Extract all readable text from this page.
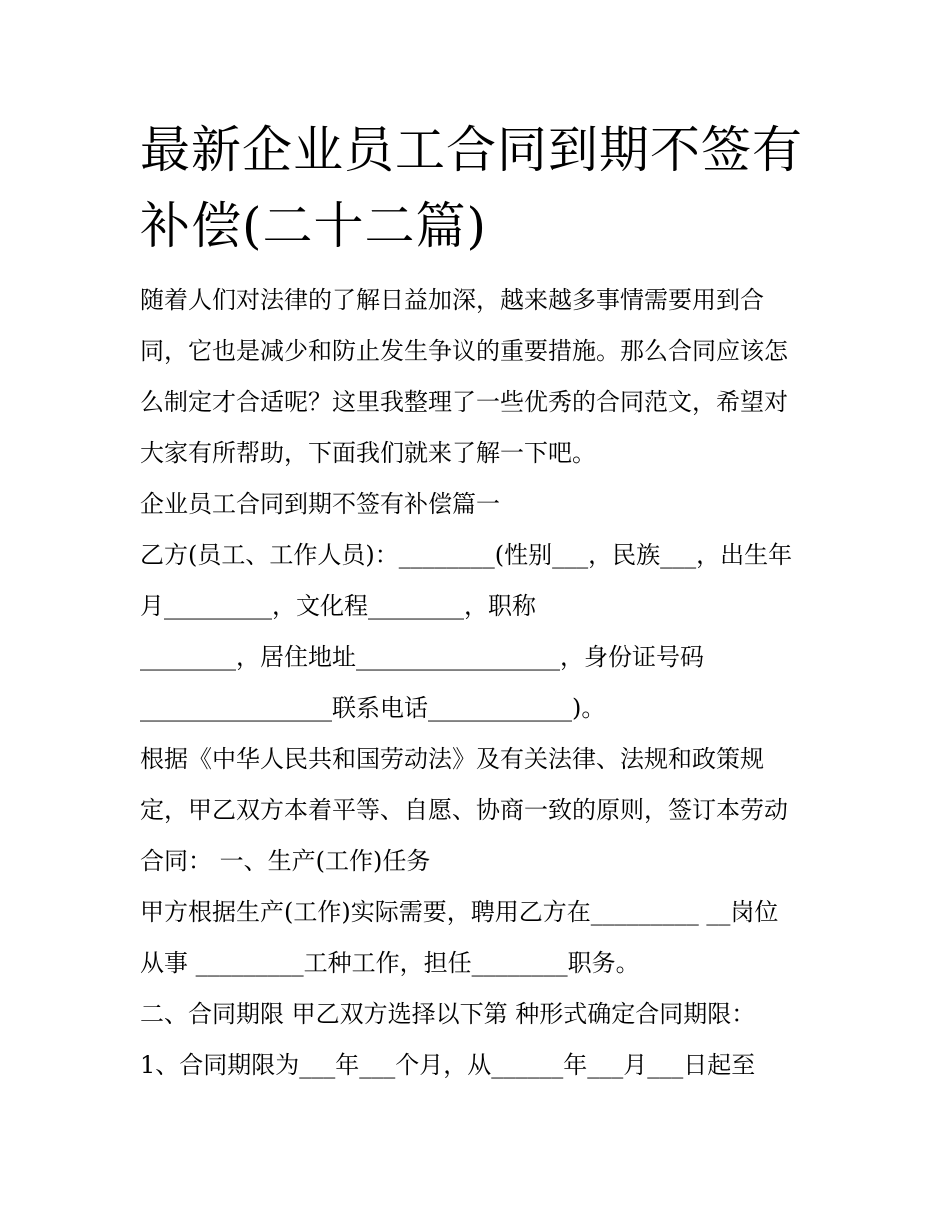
最新企业员工合同到期不签有
补偿(二十二篇)

随着人们对法律的了解日益加深，越来越多事情需要用到合

同，它也是减少和防止发生争议的重要措施。那么合同应该怎

么制定才合适呢？这里我整理了一些优秀的合同范文，希望对

大家有所帮助，下面我们就来了解一下吧。

企业员工合同到期不签有补偿篇一

乙方(员工、工作人员)：________(性别___，民族___，出生年

月_________，文化程________，职称

________，居住地址_________________，身份证号码

________________联系电话____________)。

根据《中华人民共和国劳动法》及有关法律、法规和政策规

定，甲乙双方本着平等、自愿、协商一致的原则，签订本劳动

合同： 一、生产(工作)任务

甲方根据生产(工作)实际需要，聘用乙方在_________ __岗位

从事 _________工种工作，担任________职务。

二、合同期限 甲乙双方选择以下第 种形式确定合同期限：

1、合同期限为___年___个月，从______年___月___日起至
